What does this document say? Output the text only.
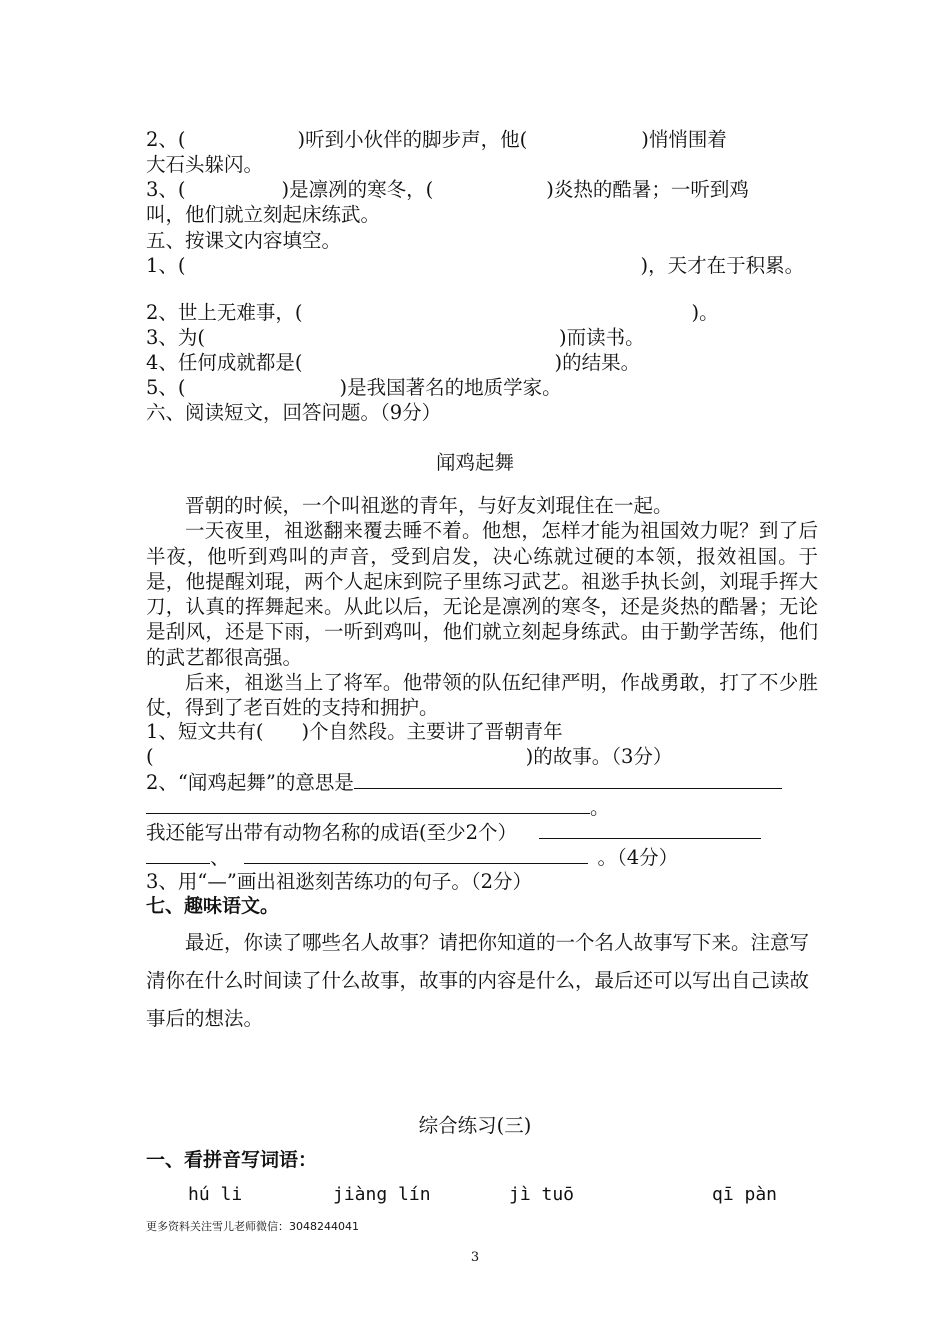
2、(	)听到小伙伴的脚步声，他(	)悄悄围着
大石头躲闪。
3、(	)是凛冽的寒冬，(	)炎热的酷暑；一听到鸡
叫，他们就立刻起床练武。
五、按课文内容填空。
1、(	)，天才在于积累。
2、世上无难事，(	)。
3、为(	)而读书。
4、任何成就都是(	)的结果。
5、(	)是我国著名的地质学家。
六、阅读短文，回答问题。（9分）
闻鸡起舞

晋朝的时候，一个叫祖逖的青年，与好友刘琨住在一起。

一天夜里，祖逖翻来覆去睡不着。他想，怎样才能为祖国效力呢？到了后半夜，他听到鸡叫的声音，受到启发，决心练就过硬的本领，报效祖国。于是，他提醒刘琨，两个人起床到院子里练习武艺。祖逖手执长剑，刘琨手挥大刀，认真的挥舞起来。从此以后，无论是凛冽的寒冬，还是炎热的酷暑；无论是刮风，还是下雨，一听到鸡叫，他们就立刻起身练武。由于勤学苦练，他们的武艺都很高强。

后来，祖逖当上了将军。他带领的队伍纪律严明，作战勇敢，打了不少胜仗，得到了老百姓的支持和拥护。

1、短文共有( )个自然段。主要讲了晋朝青年
(	)的故事。（3分）
2、“闻鸡起舞”的意思是
。
我还能写出带有动物名称的成语(至少2个）
、	。（4分）
3、用“—”画出祖逖刻苦练功的句子。（2分）
七、趣味语文。
最近，你读了哪些名人故事？请把你知道的一个名人故事写下来。注意写清你在什么时间读了什么故事，故事的内容是什么，最后还可以写出自己读故事后的想法。
综合练习(三)
一、看拼音写词语：
hú li	jiàng lín	jì tuō	qī pàn
更多资料关注雪儿老师微信：3048244041
3
